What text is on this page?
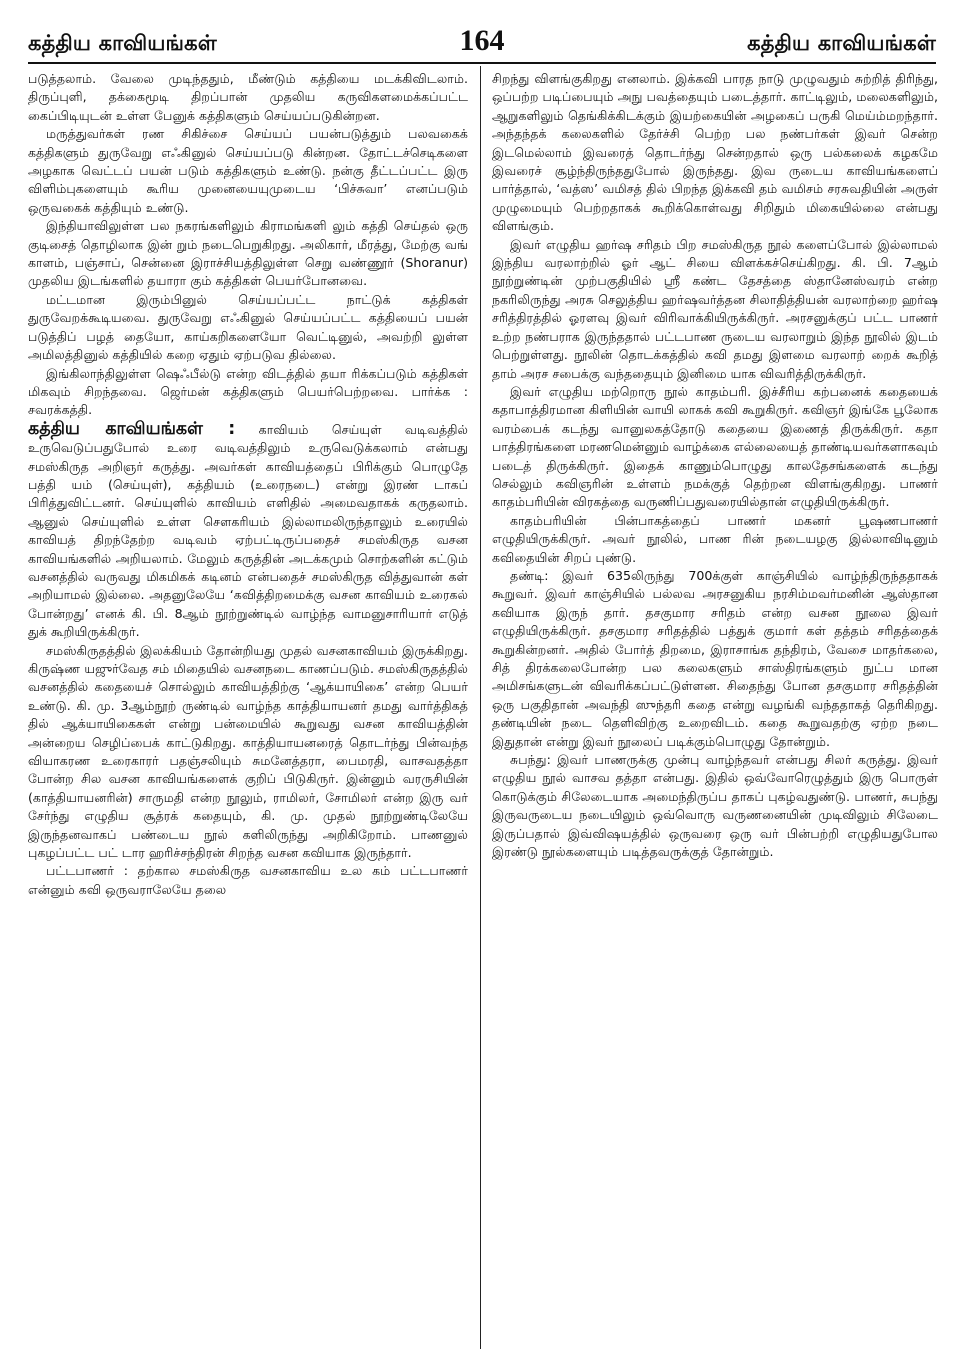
கத்திய காவியங்கள்	164	கத்திய காவியங்கள்

படுத்தலாம். வேலை முடிந்ததும், மீண்டும் கத்தியை மடக்கிவிடலாம். திருப்புளி, தக்கைமூடி திறப்பான் முதலிய கருவிகளமைக்கப்பட்ட கைப்பிடியுடன் உள்ள பேனுக் கத்திகளும் செய்யப்படுகின்றன.

மருத்துவர்கள் ரண சிகிச்சை செய்யப் பயன்படுத்தும் பலவகைக் கத்திகளும் துருவேறு எஃகினுல் செய்யப்படு கின்றன. தோட்டச்செடிகளை அழகாக வெட்டப் பயன் படும் கத்திகளும் உண்டு. நன்கு தீட்டப்பட்ட இரு விளிம்புகளையும் கூரிய முனையையுமுடைய ‘பிச்சுவா’ எனப்படும் ஒருவகைக் கத்தியும் உண்டு.

இந்தியாவிலுள்ள பல நகரங்களிலும் கிராமங்களி லும் கத்தி செய்தல் ஒரு குடிசைத் தொழிலாக இன் றும் நடைபெறுகிறது. அலிகார், மீரத்து, மேற்கு வங் காளம், பஞ்சாப், சென்னை இராச்சியத்திலுள்ள செறு வண்ணூர் (Shoranur) முதலிய இடங்களில் தயாரா கும் கத்திகள் பெயர்போனவை.

மட்டமான இரும்பினுல் செய்யப்பட்ட நாட்டுக் கத்திகள் துருவேறக்கூடியவை. துருவேறு எஃகினுல் செய்யப்பட்ட கத்தியைப் பயன் படுத்திப் பழத் தையோ, காய்கறிகளையோ வெட்டினுல், அவற்றி லுள்ள அமிலத்தினுல் கத்தியில் கறை ஏதும் ஏற்படுவ தில்லை.

இங்கிலாந்திலுள்ள ஷெஃபீல்டு என்ற விடத்தில் தயா ரிக்கப்படும் கத்திகள் மிகவும் சிறந்தவை. ஜெர்மன் கத்திகளும் பெயர்பெற்றவை. பார்க்க : சவரக்கத்தி.

கத்திய காவியங்கள் : காவியம் செய்யுள் வடிவத்தில் உருவெடுப்பதுபோல் உரை வடிவத்திலும் உருவெடுக்கலாம் என்பது சமஸ்கிருத அறிஞர் கருத்து. அவர்கள் காவியத்தைப் பிரிக்கும் பொழுதே பத்தி யம் (செய்யுள்), கத்தியம் (உரைநடை) என்று இரண் டாகப் பிரித்துவிட்டனர். செய்யுளில் காவியம் எளிதில் அமைவதாகக் கருதலாம். ஆனுல் செய்யுளில் உள்ள சௌகரியம் இல்லாமலிருந்தாலும் உரையில் காவியத் திறந்தேற்ற வடிவம் ஏற்பட்டிருப்பதைச் சமஸ்கிருத வசன காவியங்களில் அறியலாம். மேலும் கருத்தின் அடக்கமும் சொற்களின் கட்டும் வசனத்தில் வருவது மிகமிகக் கடினம் என்பதைச் சமஸ்கிருத வித்துவான் கள் அறியாமல் இல்லை. அதனுலேயே ‘கவித்திறமைக்கு வசன காவியம் உரைகல் போன்றது’ எனக் கி. பி. 8ஆம் நூற்றுண்டில் வாழ்ந்த வாமனுசாரியார் எடுத் துக் கூறியிருக்கிருர்.

சமஸ்கிருதத்தில் இலக்கியம் தோன்றியது முதல் வசனகாவியம் இருக்கிறது. கிருஷ்ண யஜுர்வேத சம் மிதையில் வசனநடை காணப்படும். சமஸ்கிருதத்தில் வசனத்தில் கதையைச் சொல்லும் காவியத்திற்கு ‘ஆக்யாயிகை’ என்ற பெயர் உண்டு. கி. மு. 3ஆம்நூற் ருண்டில் வாழ்ந்த காத்தியாயனர் தமது வார்த்திகத் தில் ஆக்யாயிகைகள் என்று பன்மையில் கூறுவது வசன காவியத்தின் அன்றைய செழிப்பைக் காட்டுகிறது. காத்தியாயனரைத் தொடர்ந்து பின்வந்த வியாகரண உரைகாரர் பதஞ்சலியும் சுமனேத்தரா, பைமரதி, வாசவதத்தா போன்ற சில வசன காவியங்களைக் குறிப் பிடுகிருர். இன்னும் வரருசியின் (காத்தியாயனரின்) சாருமதி என்ற நூலும், ராமிலர், சோமிலர் என்ற இரு வர் சேர்ந்து எழுதிய சூத்ரக் கதையும், கி. மு. முதல் நூற்றுண்டிலேயே இருந்தனவாகப் பண்டைய நூல் களிலிருந்து அறிகிறோம். பாணனுல் புகழப்பட்ட பட் டார ஹரிச்சந்திரன் சிறந்த வசன கவியாக இருந்தார்.

பட்டபாணர் : தற்கால சமஸ்கிருத வசனகாவிய உல கம் பட்டபாணர் என்னும் கவி ஒருவராலேயே தலை

சிறந்து விளங்குகிறது எனலாம். இக்கவி பாரத நாடு முழுவதும் சுற்றித் திரிந்து, ஒப்பற்ற படிப்பையும் அநு பவத்தையும் படைத்தார். காட்டிலும், மலைகளிலும், ஆறுகளிலும் தெங்கிக்கிடக்கும் இயற்கையின் அழகைப் பருகி மெய்ம்மறந்தார். அந்தந்தக் கலைகளில் தேர்ச்சி பெற்ற பல நண்பர்கள் இவர் சென்ற இடமெல்லாம் இவரைத் தொடர்ந்து சென்றதால் ஒரு பல்கலைக் கழகமே இவரைச் சூழ்ந்திருந்ததுபோல் இருந்தது. இவ ருடைய காவியங்களைப் பார்த்தால், ‘வத்ஸ’ வமிசத் தில் பிறந்த இக்கவி தம் வமிசம் சரசுவதியின் அருள் முழுமையும் பெற்றதாகக் கூறிக்கொள்வது சிறிதும் மிகையில்லை என்பது விளங்கும்.

இவர் எழுதிய ஹர்ஷ சரிதம் பிற சமஸ்கிருத நூல் களைப்போல் இல்லாமல் இந்திய வரலாற்றில் ஓர் ஆட் சியை விளக்கச்செய்கிறது. கி. பி. 7ஆம் நூற்றுண்டின் முற்பகுதியில் ஸ்ரீ கண்ட தேசத்தை ஸ்தானேஸ்வரம் என்ற நகரிலிருந்து அரசு செலுத்திய ஹர்ஷவர்த்தன சிலாதித்தியன் வரலாற்றை ஹர்ஷ சரித்திரத்தில் ஓரளவு இவர் விரிவாக்கியிருக்கிருர். அரசனுக்குப் பட்ட பாணர் உற்ற நண்பராக இருந்ததால் பட்டபாண ருடைய வரலாறும் இந்த நூலில் இடம் பெற்றுள்ளது. நூலின் தொடக்கத்தில் கவி தமது இளமை வரலாற் றைக் கூறித் தாம் அரச சபைக்கு வந்ததையும் இனிமை யாக விவரித்திருக்கிருர்.

இவர் எழுதிய மற்றொரு நூல் காதம்பரி. இச்சீரிய கற்பனைக் கதையைக் கதாபாத்திரமான கிளியின் வாயி லாகக் கவி கூறுகிருர். கவிஞர் இங்கே பூலோக வரம்பைக் கடந்து வானுலகத்தோடு கதையை இணைத் திருக்கிருர். கதா பாத்திரங்களை மரணமென்னும் வாழ்க்கை எல்லையைத் தாண்டியவர்களாகவும் படைத் திருக்கிருர். இதைக் காணும்பொழுது காலதேசங்களைக் கடந்து செல்லும் கவிஞரின் உள்ளம் நமக்குத் தெற்றன விளங்குகிறது. பாணர் காதம்பரியின் விரகத்தை வருணிப்பதுவரையில்தான் எழுதியிருக்கிருர்.

காதம்பரியின் பின்பாகத்தைப் பாணர் மகனர் பூஷணபாணர் எழுதியிருக்கிருர். அவர் நூலில், பாண ரின் நடையழகு இல்லாவிடினும் கவிதையின் சிறப் புண்டு.

தண்டி: இவர் 635லிருந்து 700க்குள் காஞ்சியில் வாழ்ந்திருந்ததாகக் கூறுவர். இவர் காஞ்சியில் பல்லவ அரசனுகிய நரசிம்மவர்மனின் ஆஸ்தான கவியாக இருந் தார். தசகுமார சரிதம் என்ற வசன நூலை இவர் எழுதியிருக்கிருர். தசகுமார சரிதத்தில் பத்துக் குமார் கள் தத்தம் சரிதத்தைக் கூறுகின்றனர். அதில் போர்த் திறமை, இராசாங்க தந்திரம், வேசை மாதர்கலை, சித் திரக்கலைபோன்ற பல கலைகளும் சாஸ்திரங்களும் நுட்ப மான அமிசங்களுடன் விவரிக்கப்பட்டுள்ளன. சிதைந்து போன தசகுமார சரிதத்தின் ஒரு பகுதிதான் அவந்தி ஸுந்தரி கதை என்று வழங்கி வந்ததாகத் தெரிகிறது. தண்டியின் நடை தெளிவிற்கு உறைவிடம். கதை கூறுவதற்கு ஏற்ற நடை இதுதான் என்று இவர் நூலைப் படிக்கும்பொழுது தோன்றும்.

சுபந்து: இவர் பாணருக்கு முன்பு வாழ்ந்தவர் என்பது சிலர் கருத்து. இவர் எழுதிய நூல் வாசவ தத்தா என்பது. இதில் ஒவ்வோரெழுத்தும் இரு பொருள் கொடுக்கும் சிலேடையாக அமைந்திருப்ப தாகப் புகழ்வதுண்டு. பாணர், சுபந்து இருவருடைய நடையிலும் ஒவ்வொரு வருணனையின் முடிவிலும் சிலேடை இருப்பதால் இவ்விஷயத்தில் ஒருவரை ஒரு வர் பின்பற்றி எழுதியதுபோல இரண்டு நூல்களையும் படித்தவருக்குத் தோன்றும்.
